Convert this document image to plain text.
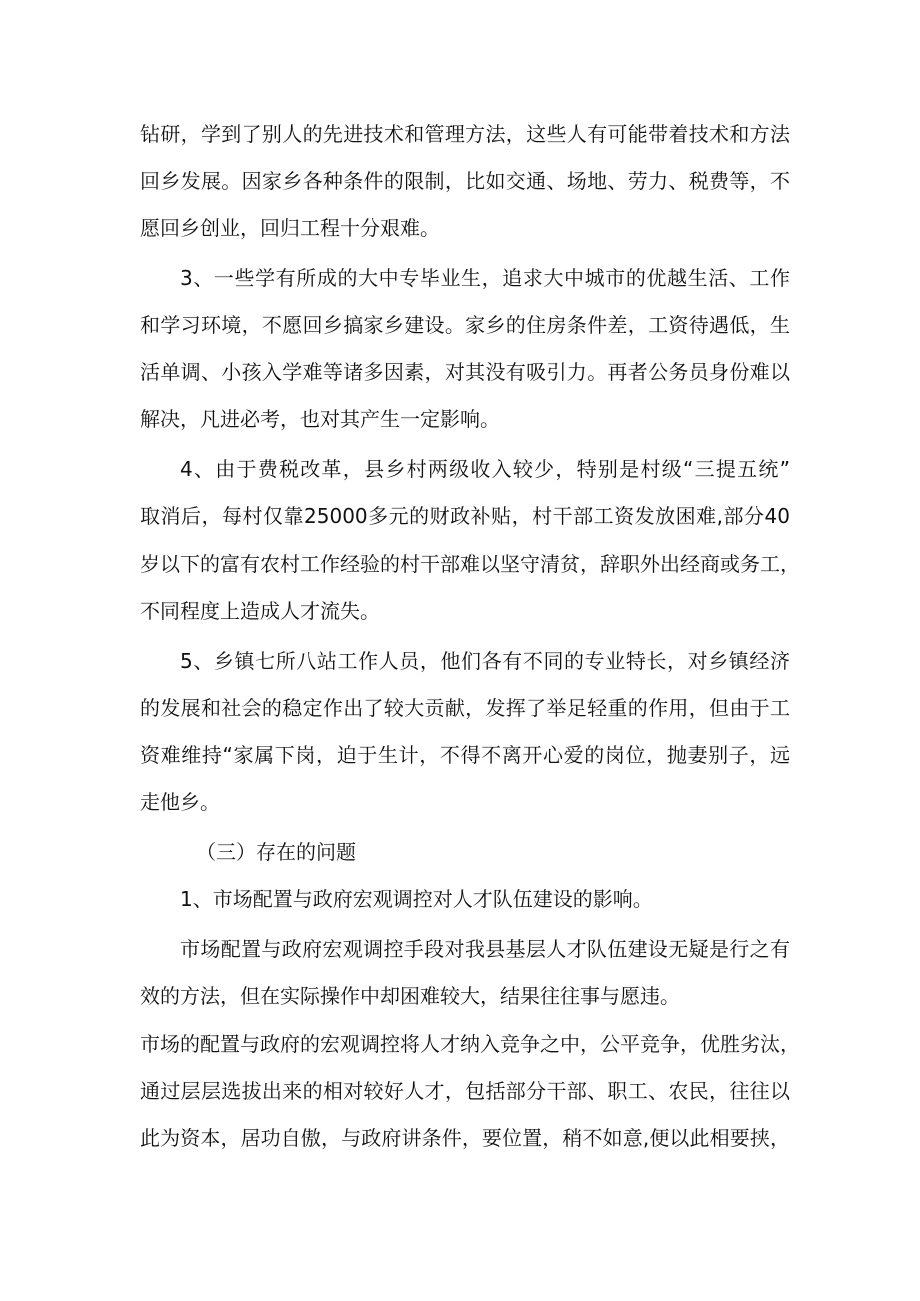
钻研，学到了别人的先进技术和管理方法，这些人有可能带着技术和方法
回乡发展。因家乡各种条件的限制，比如交通、场地、劳力、税费等，不
愿回乡创业，回归工程十分艰难。
3、一些学有所成的大中专毕业生，追求大中城市的优越生活、工作
和学习环境，不愿回乡搞家乡建设。家乡的住房条件差，工资待遇低，生
活单调、小孩入学难等诸多因素，对其没有吸引力。再者公务员身份难以
解决，凡进必考，也对其产生一定影响。
4、由于费税改革，县乡村两级收入较少，特别是村级“三提五统”
取消后，每村仅靠25000多元的财政补贴，村干部工资发放困难,部分40
岁以下的富有农村工作经验的村干部难以坚守清贫，辞职外出经商或务工，
不同程度上造成人才流失。
5、乡镇七所八站工作人员，他们各有不同的专业特长，对乡镇经济
的发展和社会的稳定作出了较大贡献，发挥了举足轻重的作用，但由于工
资难维持“家属下岗，迫于生计，不得不离开心爱的岗位，抛妻别子，远
走他乡。
（三）存在的问题
1、市场配置与政府宏观调控对人才队伍建设的影响。
市场配置与政府宏观调控手段对我县基层人才队伍建设无疑是行之有
效的方法，但在实际操作中却困难较大，结果往往事与愿违。
市场的配置与政府的宏观调控将人才纳入竞争之中，公平竞争，优胜劣汰，
通过层层选拔出来的相对较好人才，包括部分干部、职工、农民，往往以
此为资本，居功自傲，与政府讲条件，要位置，稍不如意,便以此相要挟，
